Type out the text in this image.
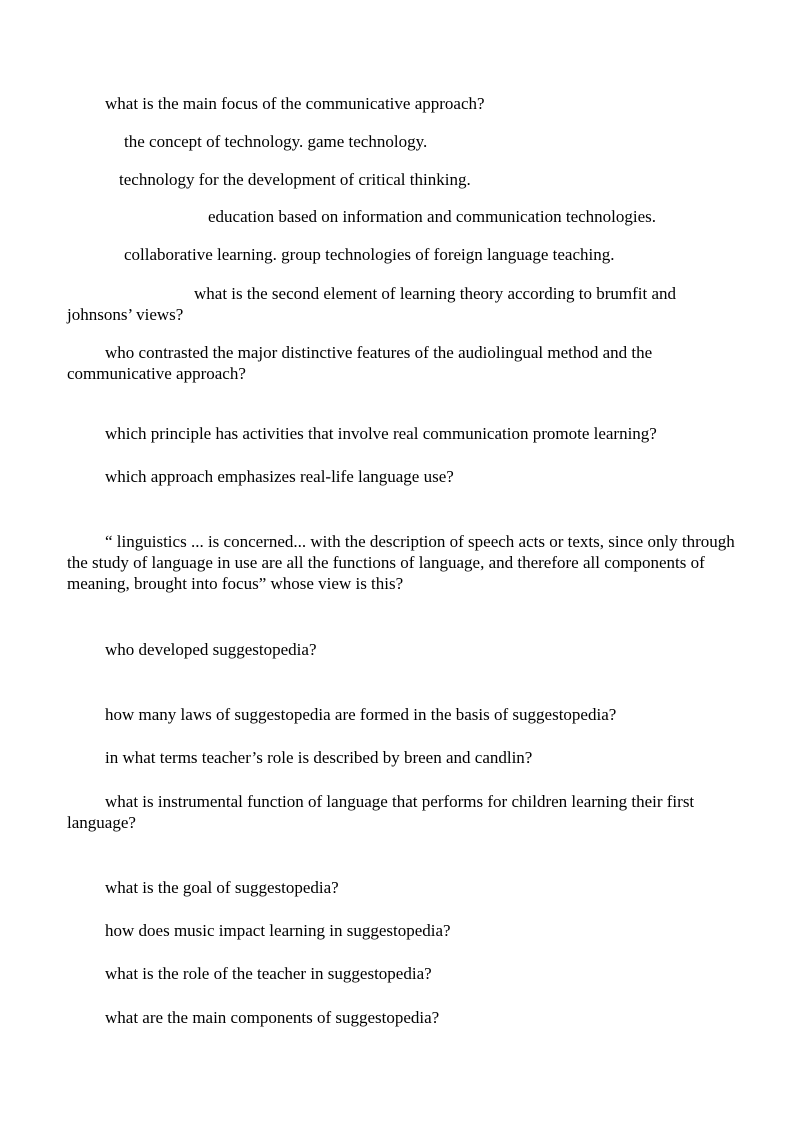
what is the main focus of the communicative approach?

the concept of technology. game technology.

technology for the development of critical thinking.

education based on information and communication technologies.

collaborative learning. group technologies of foreign language teaching.

what is the second element of learning theory according to brumfit and johnsons’ views?

who contrasted the major distinctive features of the audiolingual method and the communicative approach?

which principle has activities that involve real communication promote learning?

which approach emphasizes real-life language use?

“ linguistics ... is concerned... with the description of speech acts or texts, since only through the study of language in use are all the functions of language, and therefore all components of meaning, brought into focus” whose view is this?

who developed suggestopedia?

how many laws of suggestopedia are formed in the basis of suggestopedia?

in what terms teacher’s role is described by breen and candlin?

what is instrumental function of language that performs for children learning their first language?

what is the goal of suggestopedia?

how does music impact learning in suggestopedia?

what is the role of the teacher in suggestopedia?

what are the main components of suggestopedia?
